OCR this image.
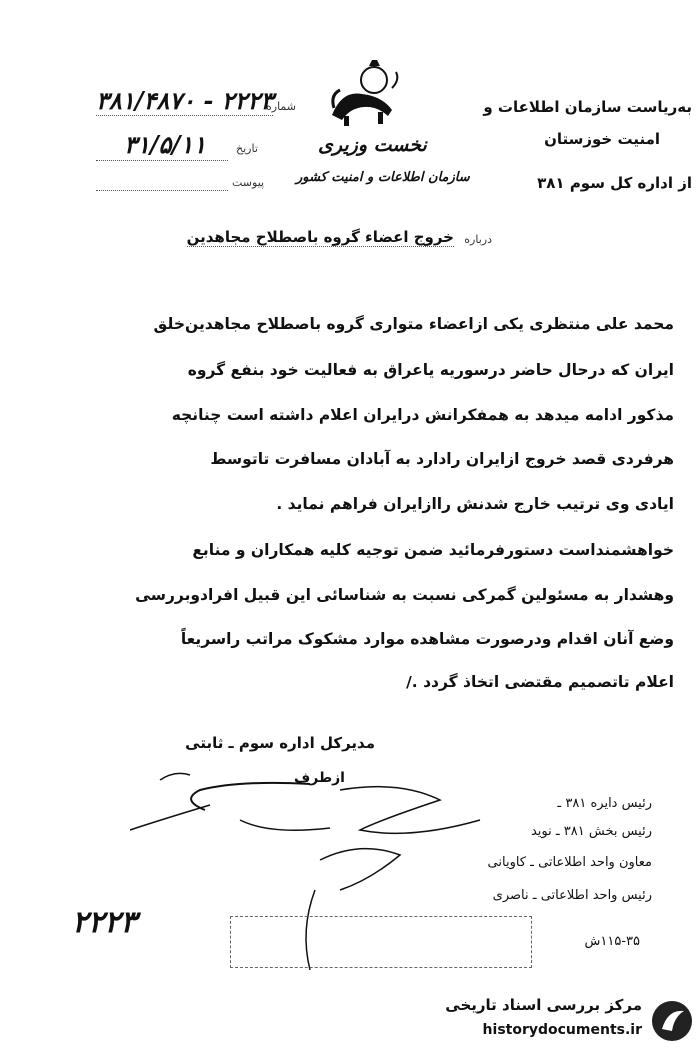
نخست وزیری
سازمان اطلاعات و امنیت کشور
به‌ریاست سازمان اطلاعات و
امنیت خوزستان
از اداره کل سوم ۳۸۱
شماره
۳۸۱/۴۸۷۰ - ۲۲۲۳
تاریخ
۳۱/۵/۱۱
پیوست
درباره
خروج اعضاء گروه باصطلاح مجاهدین
محمد علی منتظری یکی ازاعضاء متواری گروه باصطلاح مجاهدین‌خلق
ایران که درحال حاضر درسوریه یاعراق به فعالیت خود بنفع گروه
مذکور ادامه میدهد به همفکرانش درایران اعلام داشته است چنانچه
هرفردی قصد خروج ازایران رادارد به آبادان مسافرت تاتوسط
ایادی وی ترتیب خارج شدنش راازایران فراهم نماید .
خواهشمنداست دستورفرمائید ضمن توجیه کلیه همکاران و منابع
وهشدار به مسئولین گمرکی نسبت به شناسائی این قبیل افرادوبررسی
وضع آنان اقدام ودرصورت مشاهده موارد مشکوک مراتب راسریعاً
اعلام تاتصمیم مقتضی اتخاذ گردد ./
مدیرکل اداره سوم ـ ثابتی
ازطرف
رئیس دایره ۳۸۱ ـ
رئیس بخش ۳۸۱ ـ نوید
معاون واحد اطلاعاتی ـ کاویانی
رئیس واحد اطلاعاتی ـ ناصری
۲۲۲۳
۱۱۵-۳۵ش
مرکز بررسی اسناد تاریخی
historydocuments.ir
